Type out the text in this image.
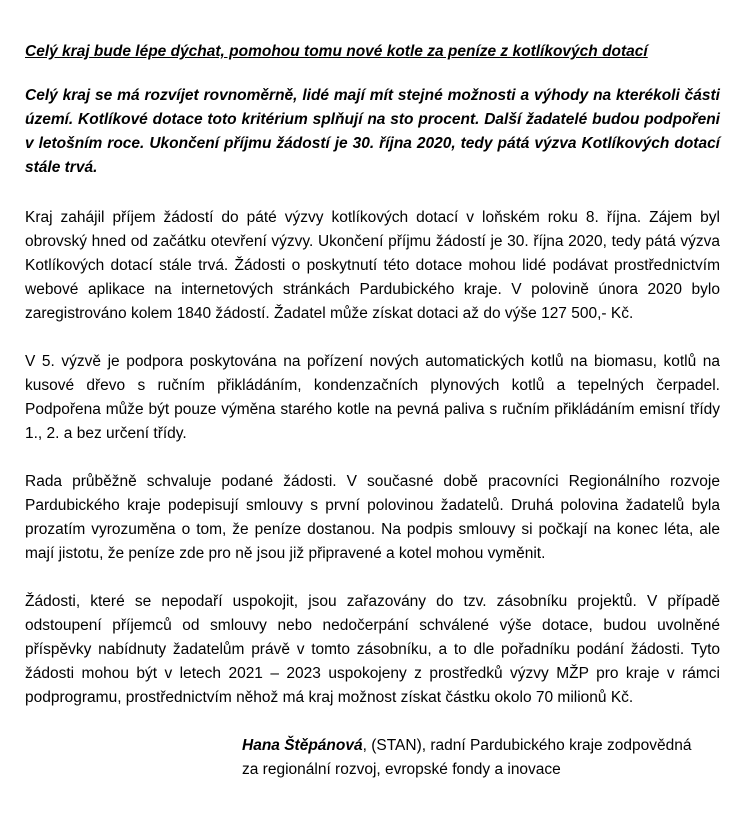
Celý kraj bude lépe dýchat, pomohou tomu nové kotle za peníze z kotlíkových dotací
Celý kraj se má rozvíjet rovnoměrně, lidé mají mít stejné možnosti a výhody na kterékoli části území. Kotlíkové dotace toto kritérium splňují na sto procent. Další žadatelé budou podpořeni v letošním roce. Ukončení příjmu žádostí je 30. října 2020, tedy pátá výzva Kotlíkových dotací stále trvá.
Kraj zahájil příjem žádostí do páté výzvy kotlíkových dotací v loňském roku 8. října. Zájem byl obrovský hned od začátku otevření výzvy. Ukončení příjmu žádostí je 30. října 2020, tedy pátá výzva Kotlíkových dotací stále trvá. Žádosti o poskytnutí této dotace mohou lidé podávat prostřednictvím webové aplikace na internetových stránkách Pardubického kraje. V polovině února 2020 bylo zaregistrováno kolem 1840 žádostí. Žadatel může získat dotaci až do výše 127 500,- Kč.
V 5. výzvě je podpora poskytována na pořízení nových automatických kotlů na biomasu, kotlů na kusové dřevo s ručním přikládáním, kondenzačních plynových kotlů a tepelných čerpadel. Podpořena může být pouze výměna starého kotle na pevná paliva s ručním přikládáním emisní třídy 1., 2. a bez určení třídy.
Rada průběžně schvaluje podané žádosti. V současné době pracovníci Regionálního rozvoje Pardubického kraje podepisují smlouvy s první polovinou žadatelů. Druhá polovina žadatelů byla prozatím vyrozuměna o tom, že peníze dostanou. Na podpis smlouvy si počkají na konec léta, ale mají jistotu, že peníze zde pro ně jsou již připravené a kotel mohou vyměnit.
Žádosti, které se nepodaří uspokojit, jsou zařazovány do tzv. zásobníku projektů. V případě odstoupení příjemců od smlouvy nebo nedočerpání schválené výše dotace, budou uvolněné příspěvky nabídnuty žadatelům právě v tomto zásobníku, a to dle pořadníku podání žádosti. Tyto žádosti mohou být v letech 2021 – 2023 uspokojeny z prostředků výzvy MŽP pro kraje v rámci podprogramu, prostřednictvím něhož má kraj možnost získat částku okolo 70 milionů Kč.
Hana Štěpánová, (STAN), radní Pardubického kraje zodpovědná
za regionální rozvoj, evropské fondy a inovace
